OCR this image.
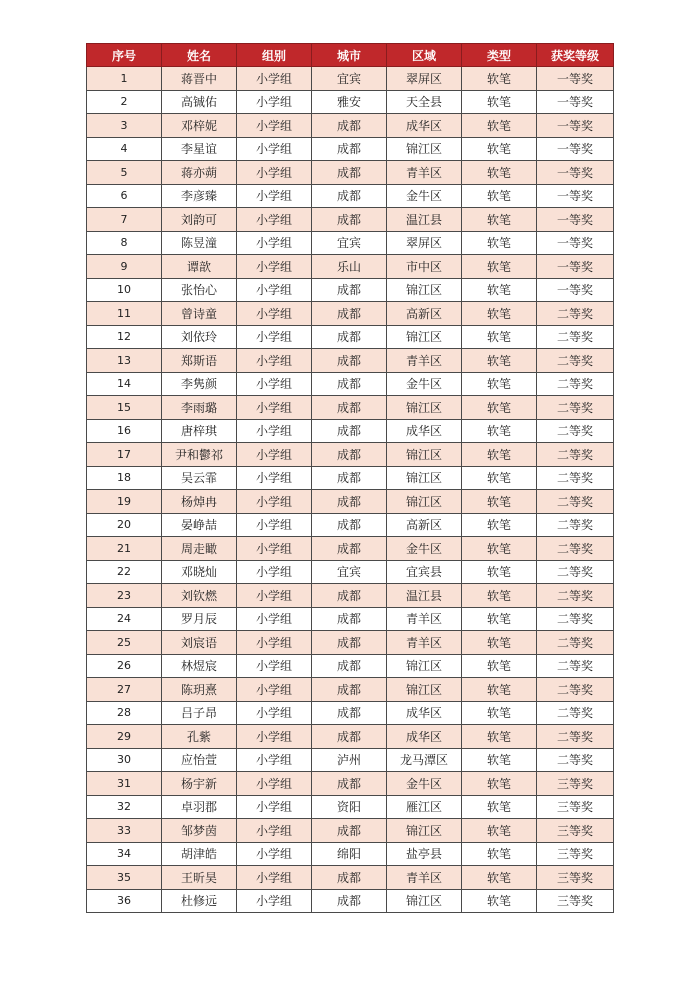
序号	姓名	组别	城市	区域	类型	获奖等级
1	蒋晋中	小学组	宜宾	翠屏区	软笔	一等奖
2	高铖佑	小学组	雅安	天全县	软笔	一等奖
3	邓梓妮	小学组	成都	成华区	软笔	一等奖
4	李星谊	小学组	成都	锦江区	软笔	一等奖
5	蒋亦蒴	小学组	成都	青羊区	软笔	一等奖
6	李彦臻	小学组	成都	金牛区	软笔	一等奖
7	刘韵可	小学组	成都	温江县	软笔	一等奖
8	陈昱潼	小学组	宜宾	翠屏区	软笔	一等奖
9	谭歆	小学组	乐山	市中区	软笔	一等奖
10	张怡心	小学组	成都	锦江区	软笔	一等奖
11	曾诗童	小学组	成都	高新区	软笔	二等奖
12	刘依玲	小学组	成都	锦江区	软笔	二等奖
13	郑斯语	小学组	成都	青羊区	软笔	二等奖
14	李隽颜	小学组	成都	金牛区	软笔	二等奖
15	李雨璐	小学组	成都	锦江区	软笔	二等奖
16	唐梓琪	小学组	成都	成华区	软笔	二等奖
17	尹和鬱祁	小学组	成都	锦江区	软笔	二等奖
18	吴云霏	小学组	成都	锦江区	软笔	二等奖
19	杨焯冉	小学组	成都	锦江区	软笔	二等奖
20	晏峥喆	小学组	成都	高新区	软笔	二等奖
21	周走瞰	小学组	成都	金牛区	软笔	二等奖
22	邓晓灿	小学组	宜宾	宜宾县	软笔	二等奖
23	刘钦燃	小学组	成都	温江县	软笔	二等奖
24	罗月辰	小学组	成都	青羊区	软笔	二等奖
25	刘宸语	小学组	成都	青羊区	软笔	二等奖
26	林煜宸	小学组	成都	锦江区	软笔	二等奖
27	陈玥熹	小学组	成都	锦江区	软笔	二等奖
28	吕子昂	小学组	成都	成华区	软笔	二等奖
29	孔紫	小学组	成都	成华区	软笔	二等奖
30	应怡萱	小学组	泸州	龙马潭区	软笔	二等奖
31	杨宇新	小学组	成都	金牛区	软笔	三等奖
32	卓羽郡	小学组	资阳	雁江区	软笔	三等奖
33	邹梦茵	小学组	成都	锦江区	软笔	三等奖
34	胡津皓	小学组	绵阳	盐亭县	软笔	三等奖
35	王昕昊	小学组	成都	青羊区	软笔	三等奖
36	杜修远	小学组	成都	锦江区	软笔	三等奖
